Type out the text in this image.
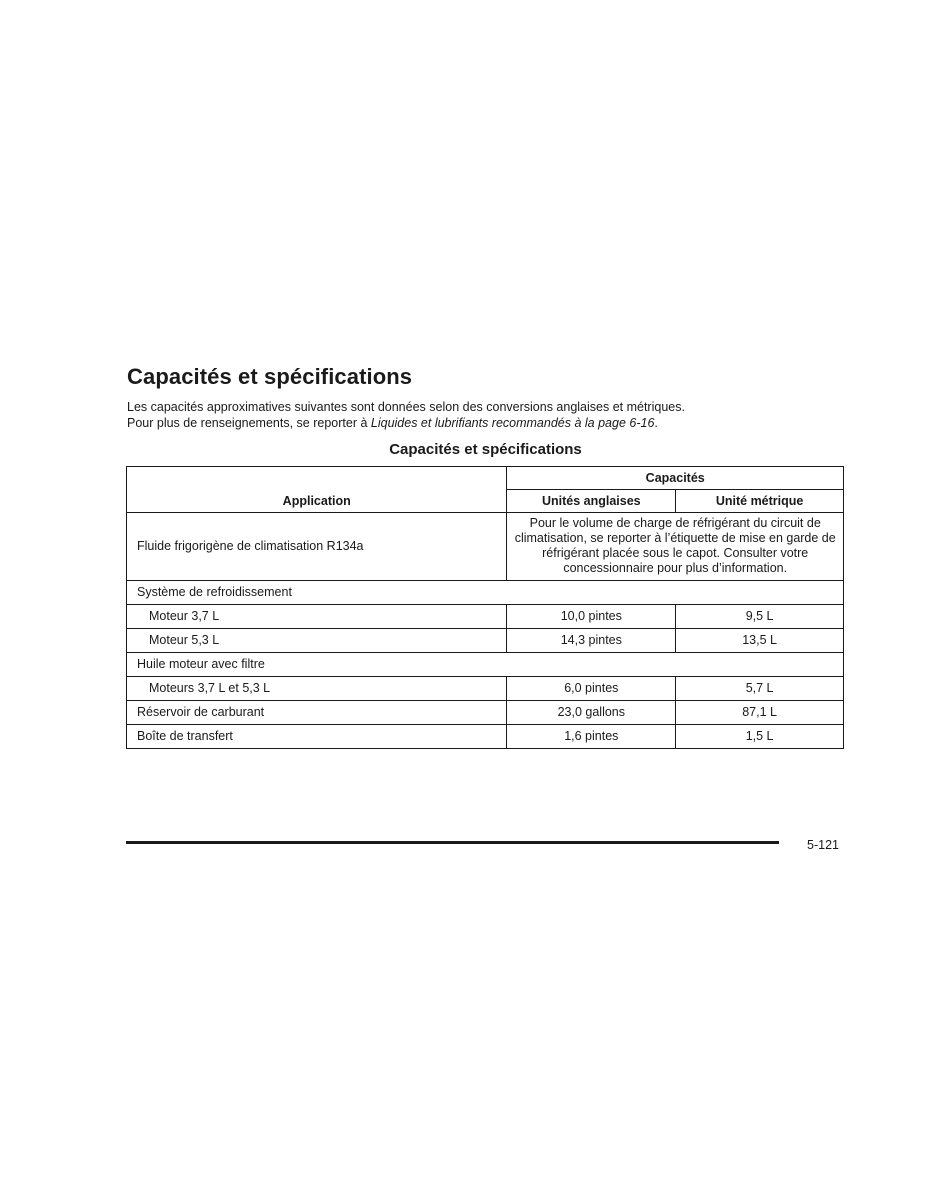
Capacités et spécifications

Les capacités approximatives suivantes sont données selon des conversions anglaises et métriques.
Pour plus de renseignements, se reporter à Liquides et lubrifiants recommandés à la page 6-16.

Capacités et spécifications
Application	Capacités	
	Unités anglaises	Unité métrique
Fluide frigorigène de climatisation R134a	Pour le volume de charge de réfrigérant du circuit de climatisation, se reporter à l’étiquette de mise en garde de réfrigérant placée sous le capot. Consulter votre concessionnaire pour plus d’information.	
Système de refroidissement		
Moteur 3,7 L	10,0 pintes	9,5 L
Moteur 5,3 L	14,3 pintes	13,5 L
Huile moteur avec filtre		
Moteurs 3,7 L et 5,3 L	6,0 pintes	5,7 L
Réservoir de carburant	23,0 gallons	87,1 L
Boîte de transfert	1,6 pintes	1,5 L
5-121
